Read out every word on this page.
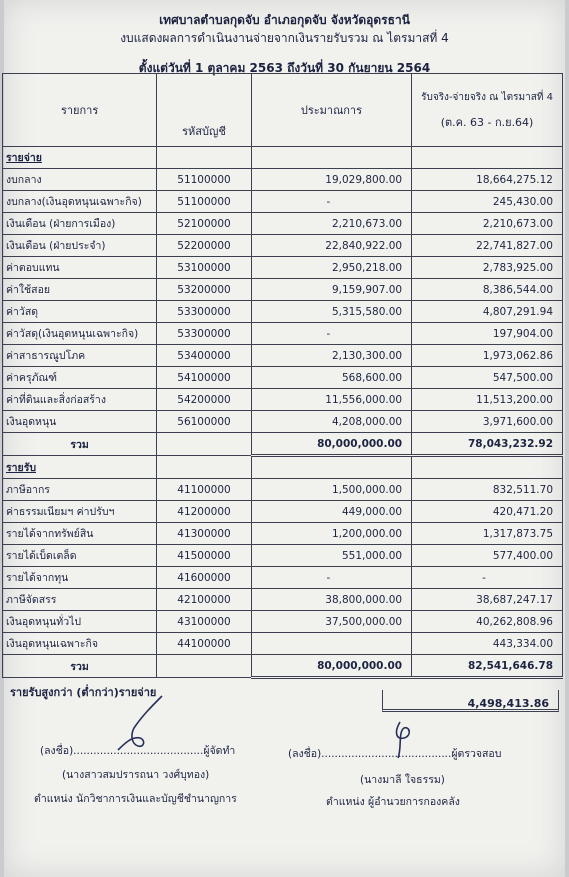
เทศบาลตำบลกุดจับ อำเภอกุดจับ จังหวัดอุดรธานี
งบแสดงผลการดำเนินงานจ่ายจากเงินรายรับรวม ณ ไตรมาสที่ 4
ตั้งแต่วันที่ 1 ตุลาคม 2563 ถึงวันที่ 30 กันยายน 2564
รายการ	รหัสบัญชี	ประมาณการ	รับจริง-จ่ายจริง ณ ไตรมาสที่ 4
(ต.ค. 63 - ก.ย.64)

รายจ่าย			
งบกลาง	51100000	19,029,800.00	18,664,275.12
งบกลาง(เงินอุดหนุนเฉพาะกิจ)	51100000	-	245,430.00
เงินเดือน (ฝ่ายการเมือง)	52100000	2,210,673.00	2,210,673.00
เงินเดือน (ฝ่ายประจำ)	52200000	22,840,922.00	22,741,827.00
ค่าตอบแทน	53100000	2,950,218.00	2,783,925.00
ค่าใช้สอย	53200000	9,159,907.00	8,386,544.00
ค่าวัสดุ	53300000	5,315,580.00	4,807,291.94
ค่าวัสดุ(เงินอุดหนุนเฉพาะกิจ)	53300000	-	197,904.00
ค่าสาธารณูปโภค	53400000	2,130,300.00	1,973,062.86
ค่าครุภัณฑ์	54100000	568,600.00	547,500.00
ค่าที่ดินและสิ่งก่อสร้าง	54200000	11,556,000.00	11,513,200.00
เงินอุดหนุน	56100000	4,208,000.00	3,971,600.00
รวม		80,000,000.00	78,043,232.92
รายรับ			
ภาษีอากร	41100000	1,500,000.00	832,511.70
ค่าธรรมเนียมฯ ค่าปรับฯ	41200000	449,000.00	420,471.20
รายได้จากทรัพย์สิน	41300000	1,200,000.00	1,317,873.75
รายได้เบ็ดเตล็ด	41500000	551,000.00	577,400.00
รายได้จากทุน	41600000	-	-
ภาษีจัดสรร	42100000	38,800,000.00	38,687,247.17
เงินอุดหนุนทั่วไป	43100000	37,500,000.00	40,262,808.96
เงินอุดหนุนเฉพาะกิจ	44100000		443,334.00
รวม		80,000,000.00	82,541,646.78
รายรับสูงกว่า (ต่ำกว่า)รายจ่าย
4,498,413.86
(ลงชื่อ).......................................ผู้จัดทำ
(นางสาวสมปรารถนา วงศ์บุทอง)
ตำแหน่ง นักวิชาการเงินและบัญชีชำนาญการ
(ลงชื่อ).......................................ผู้ตรวจสอบ
(นางมาลี ใจธรรม)
ตำแหน่ง ผู้อำนวยการกองคลัง
